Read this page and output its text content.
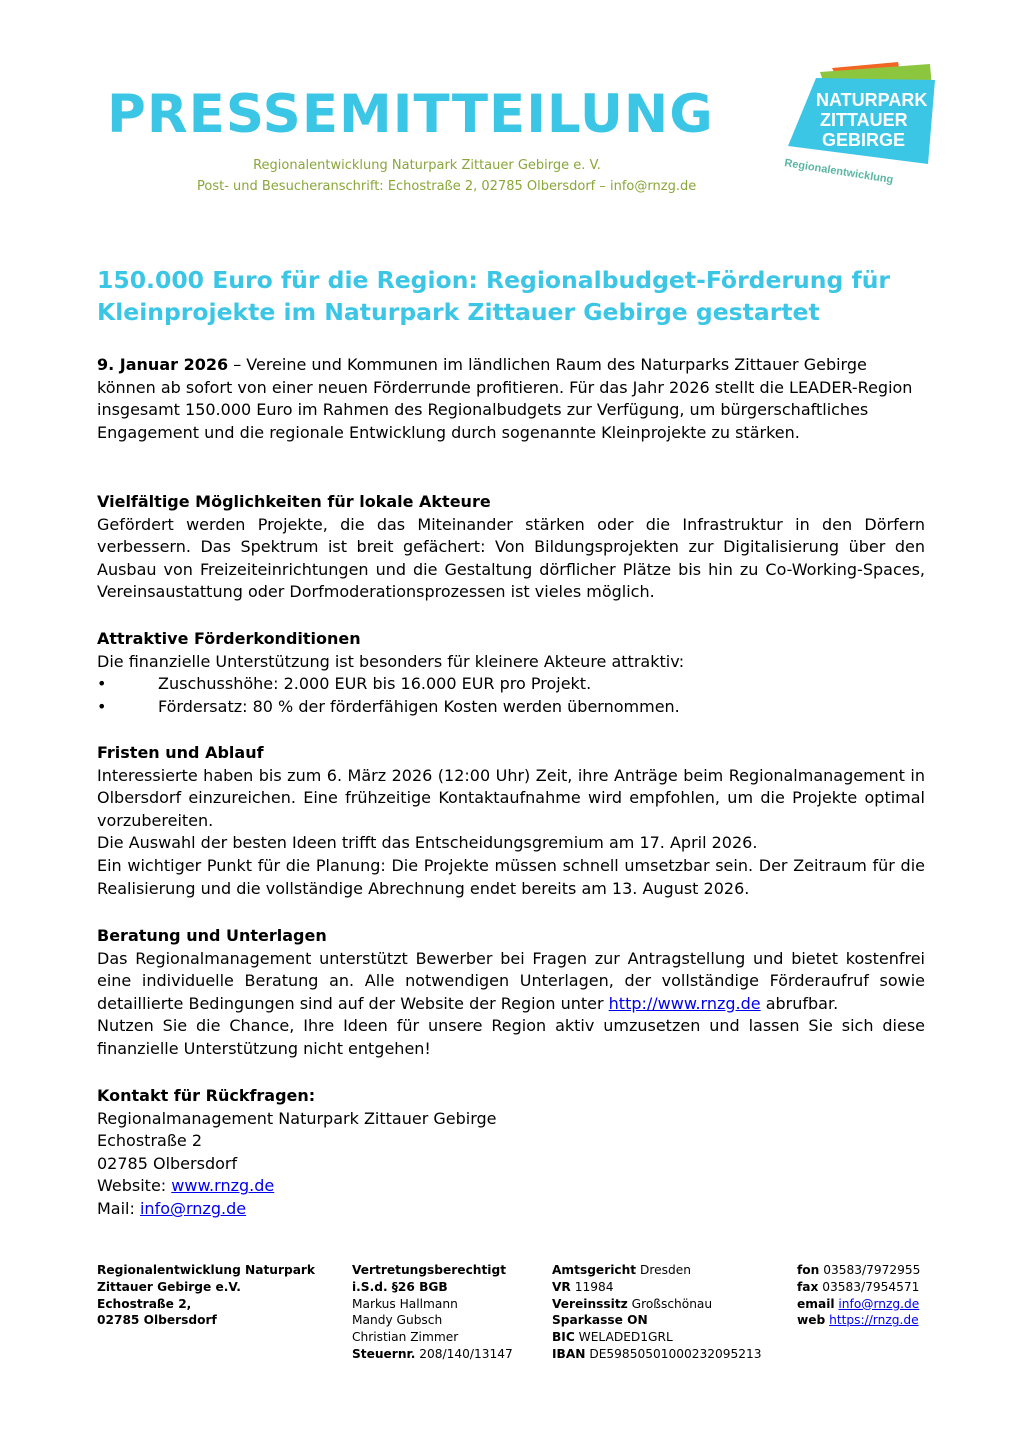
PRESSEMITTEILUNG
Regionalentwicklung Naturpark Zittauer Gebirge e. V.
Post- und Besucheranschrift: Echostraße 2, 02785 Olbersdorf – info@rnzg.de
NATURPARK
ZITTAUER
GEBIRGE
Regionalentwicklung
150.000 Euro für die Region: Regionalbudget-Förderung für
Kleinprojekte im Naturpark Zittauer Gebirge gestartet
9. Januar 2026 – Vereine und Kommunen im ländlichen Raum des Naturparks Zittauer Gebirge können ab sofort von einer neuen Förderrunde profitieren. Für das Jahr 2026 stellt die LEADER-Region insgesamt 150.000 Euro im Rahmen des Regionalbudgets zur Verfügung, um bürgerschaftliches Engagement und die regionale Entwicklung durch sogenannte Kleinprojekte zu stärken.
Vielfältige Möglichkeiten für lokale Akteure
Gefördert werden Projekte, die das Miteinander stärken oder die Infrastruktur in den Dörfern verbessern. Das Spektrum ist breit gefächert: Von Bildungsprojekten zur Digitalisierung über den Ausbau von Freizeiteinrichtungen und die Gestaltung dörflicher Plätze bis hin zu Co-Working-Spaces, Vereinsaustattung oder Dorfmoderationsprozessen ist vieles möglich.
Attraktive Förderkonditionen
Die finanzielle Unterstützung ist besonders für kleinere Akteure attraktiv:
•	Zuschusshöhe: 2.000 EUR bis 16.000 EUR pro Projekt.
•	Fördersatz: 80 % der förderfähigen Kosten werden übernommen.
Fristen und Ablauf
Interessierte haben bis zum 6. März 2026 (12:00 Uhr) Zeit, ihre Anträge beim Regionalmanagement in Olbersdorf einzureichen. Eine frühzeitige Kontaktaufnahme wird empfohlen, um die Projekte optimal vorzubereiten.
Die Auswahl der besten Ideen trifft das Entscheidungsgremium am 17. April 2026.
Ein wichtiger Punkt für die Planung: Die Projekte müssen schnell umsetzbar sein. Der Zeitraum für die Realisierung und die vollständige Abrechnung endet bereits am 13. August 2026.
Beratung und Unterlagen
Das Regionalmanagement unterstützt Bewerber bei Fragen zur Antragstellung und bietet kostenfrei eine individuelle Beratung an. Alle notwendigen Unterlagen, der vollständige Förderaufruf sowie detaillierte Bedingungen sind auf der Website der Region unter http://www.rnzg.de abrufbar.
Nutzen Sie die Chance, Ihre Ideen für unsere Region aktiv umzusetzen und lassen Sie sich diese finanzielle Unterstützung nicht entgehen!
Kontakt für Rückfragen:
Regionalmanagement Naturpark Zittauer Gebirge
Echostraße 2
02785 Olbersdorf
Website: www.rnzg.de
Mail: info@rnzg.de
Regionalentwicklung Naturpark
Zittauer Gebirge e.V.
Echostraße 2,
02785 Olbersdorf
Vertretungsberechtigt
i.S.d. §26 BGB
Markus Hallmann
Mandy Gubsch
Christian Zimmer
Steuernr. 208/140/13147
Amtsgericht Dresden
VR 11984
Vereinssitz Großschönau
Sparkasse ON
BIC WELADED1GRL
IBAN DE59850501000232095213
fon 03583/7972955
fax 03583/7954571
email info@rnzg.de
web https://rnzg.de
